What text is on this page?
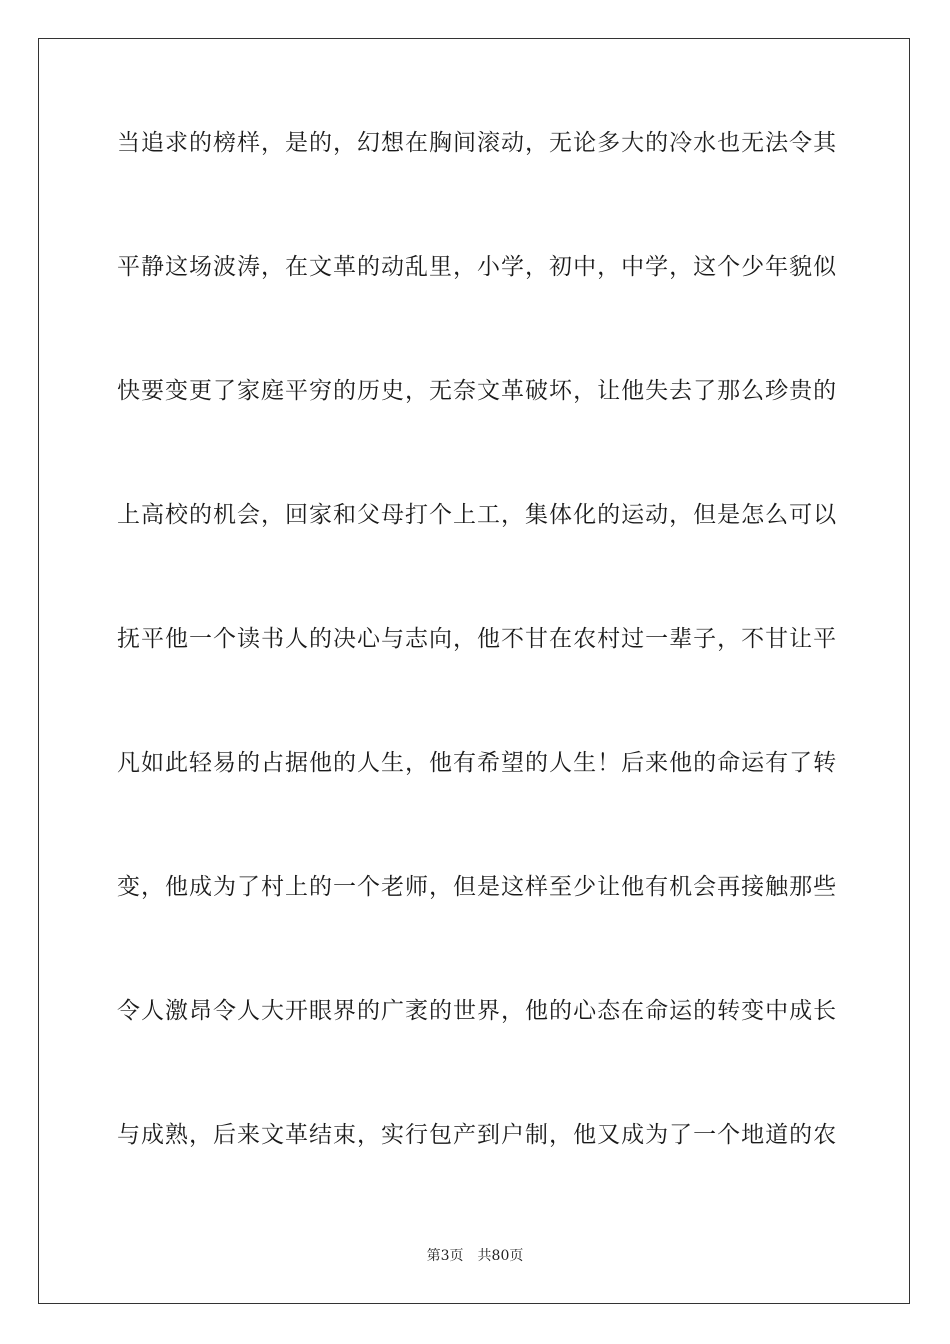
当追求的榜样，是的，幻想在胸间滚动，无论多大的冷水也无法令其
平静这场波涛，在文革的动乱里，小学，初中，中学，这个少年貌似
快要变更了家庭平穷的历史，无奈文革破坏，让他失去了那么珍贵的
上高校的机会，回家和父母打个上工，集体化的运动，但是怎么可以
抚平他一个读书人的决心与志向，他不甘在农村过一辈子，不甘让平
凡如此轻易的占据他的人生，他有希望的人生！后来他的命运有了转
变，他成为了村上的一个老师，但是这样至少让他有机会再接触那些
令人激昂令人大开眼界的广袤的世界，他的心态在命运的转变中成长
与成熟，后来文革结束，实行包产到户制，他又成为了一个地道的农
第3页 共80页
